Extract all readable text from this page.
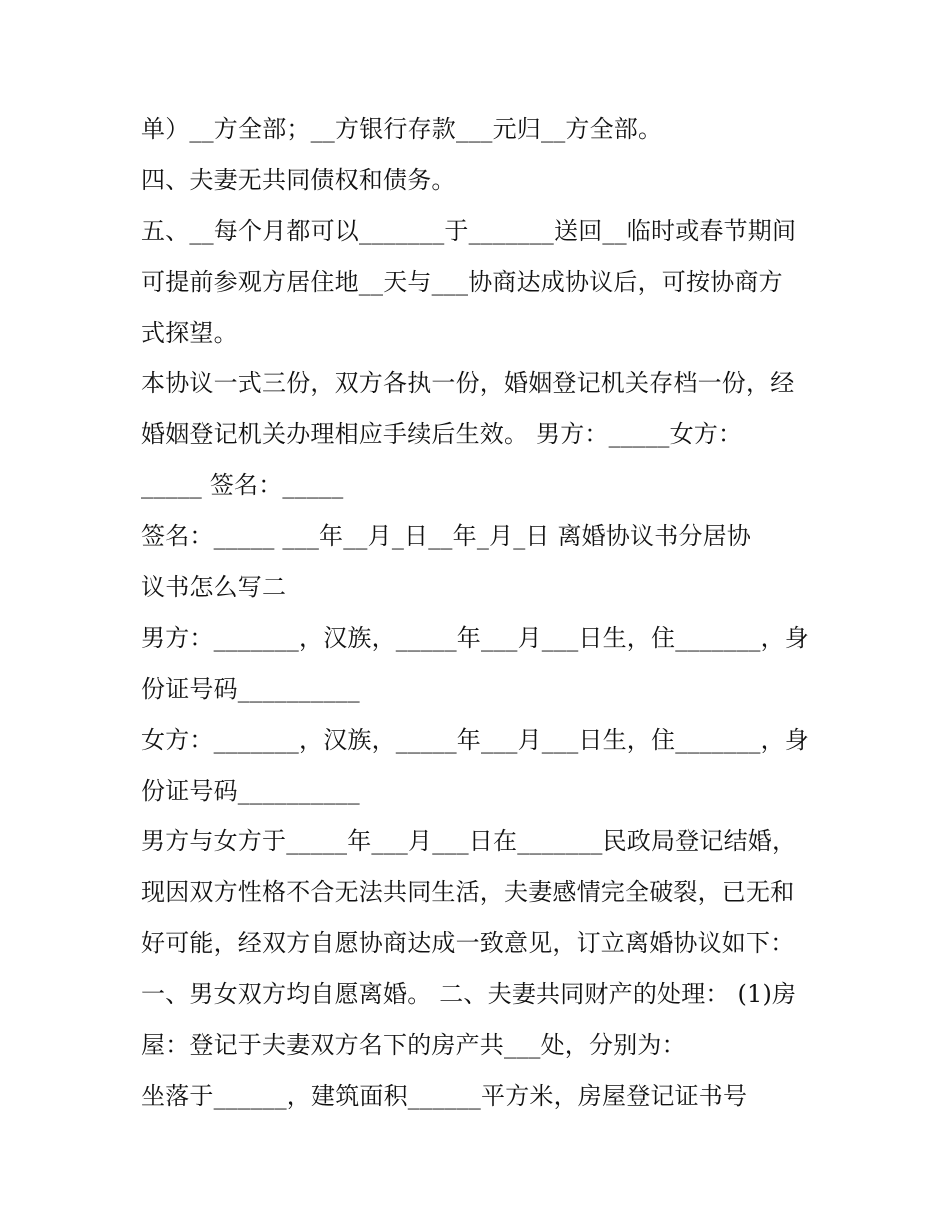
单）__方全部；__方银行存款___元归__方全部。
四、夫妻无共同债权和债务。
五、__每个月都可以_______于_______送回__临时或春节期间
可提前参观方居住地__天与___协商达成协议后，可按协商方
式探望。
本协议一式三份，双方各执一份，婚姻登记机关存档一份，经
婚姻登记机关办理相应手续后生效。 男方：_____女方：
_____ 签名：_____
签名：_____ ___年__月_日__年_月_日 离婚协议书分居协
议书怎么写二
男方：_______，汉族，_____年___月___日生，住_______，身
份证号码__________
女方：_______，汉族，_____年___月___日生，住_______，身
份证号码__________
男方与女方于_____年___月___日在_______民政局登记结婚，
现因双方性格不合无法共同生活，夫妻感情完全破裂，已无和
好可能，经双方自愿协商达成一致意见，订立离婚协议如下：
一、男女双方均自愿离婚。 二、夫妻共同财产的处理： (1)房
屋：登记于夫妻双方名下的房产共___处，分别为：
坐落于______，建筑面积______平方米，房屋登记证书号
